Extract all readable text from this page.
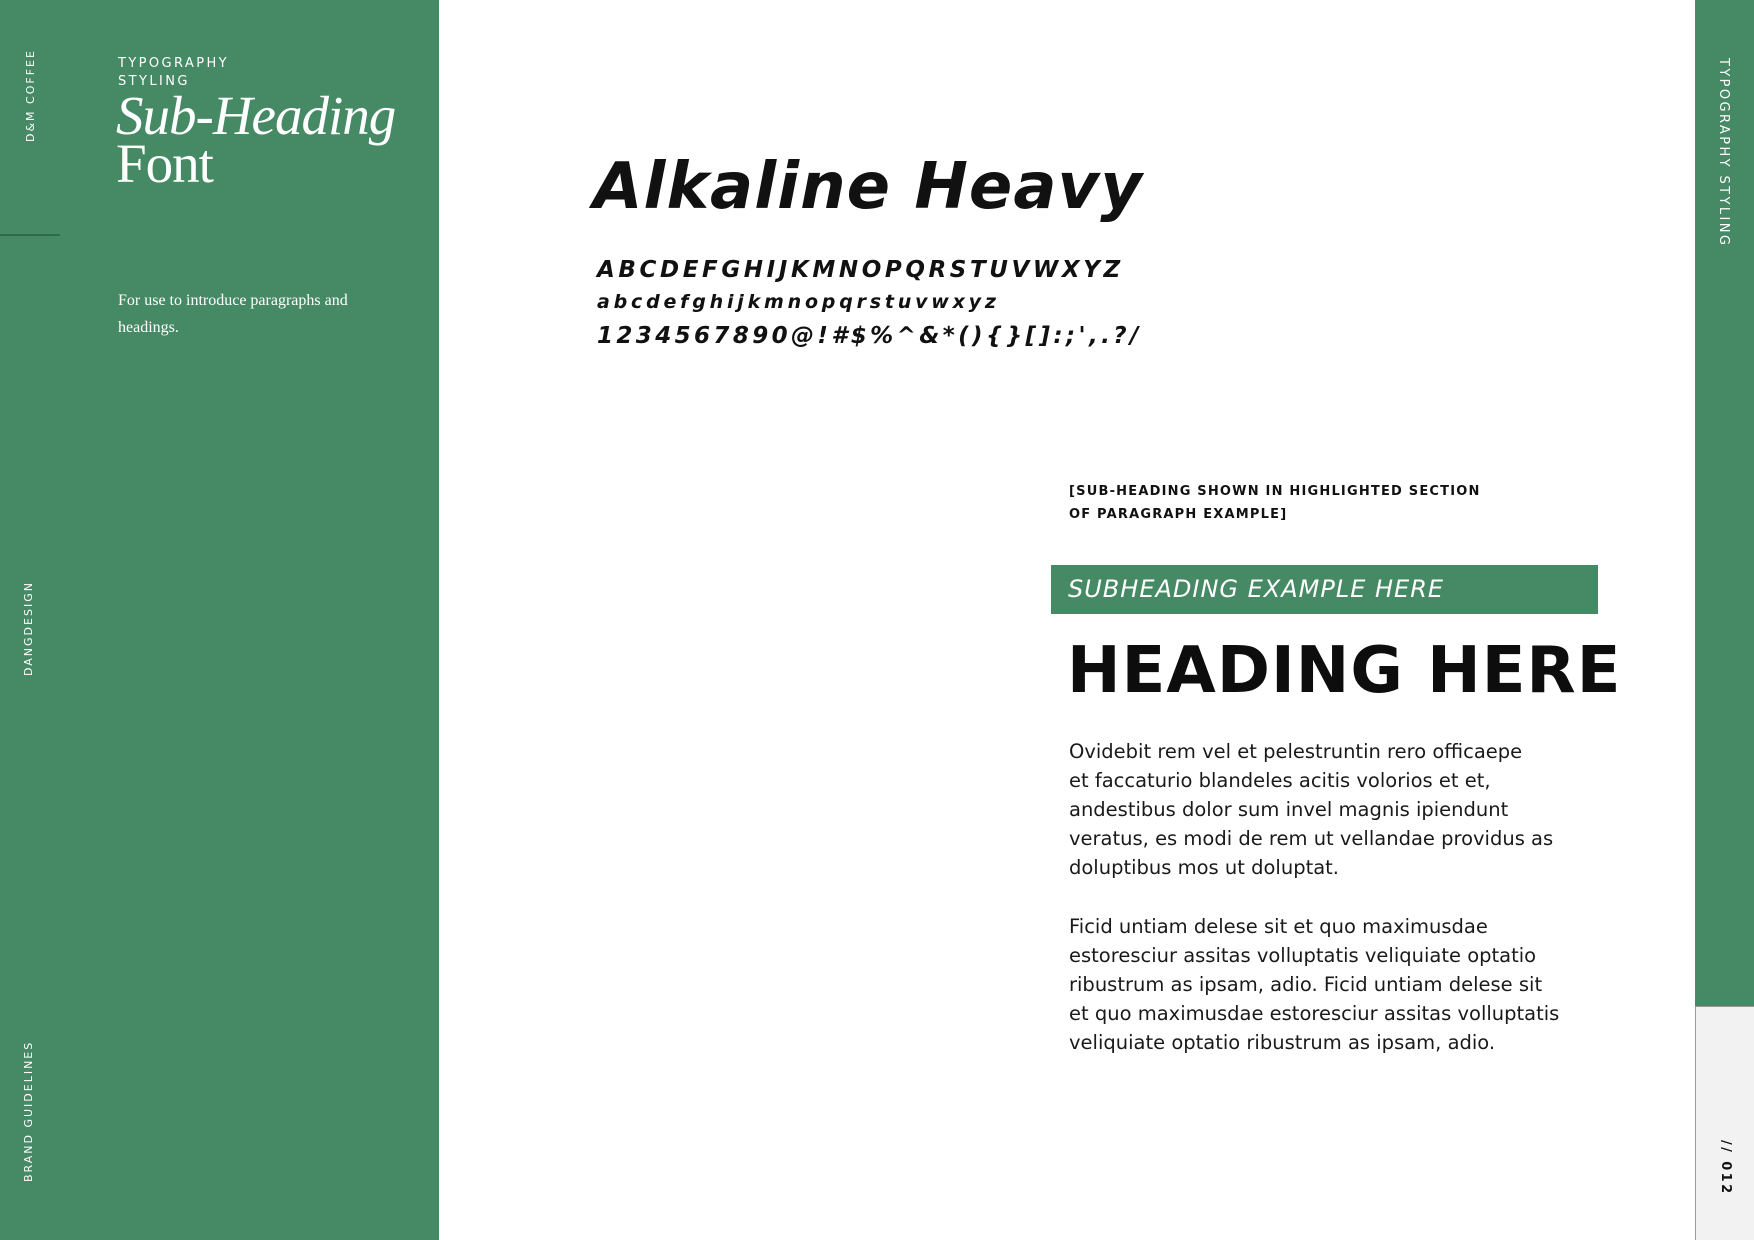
D&M COFFEE
DANGDESIGN
BRAND GUIDELINES
TYPOGRAPHY
STYLING
Sub-Heading
Font
For use to introduce paragraphs and headings.
TYPOGRAPHY STYLING
// 012
Alkaline Heavy
ABCDEFGHIJKMNOPQRSTUVWXYZ
abcdefghijkmnopqrstuvwxyz
1234567890@!#$%^&*(){}[]:;',.?/
[SUB-HEADING SHOWN IN HIGHLIGHTED SECTION
OF PARAGRAPH EXAMPLE]
SUBHEADING EXAMPLE HERE
HEADING HERE
Ovidebit rem vel et pelestruntin rero officaepe
et faccaturio blandeles acitis volorios et et,
andestibus dolor sum invel magnis ipiendunt
veratus, es modi de rem ut vellandae providus as
doluptibus mos ut doluptat.
Ficid untiam delese sit et quo maximusdae
estoresciur assitas volluptatis veliquiate optatio
ribustrum as ipsam, adio. Ficid untiam delese sit
et quo maximusdae estoresciur assitas volluptatis
veliquiate optatio ribustrum as ipsam, adio.
